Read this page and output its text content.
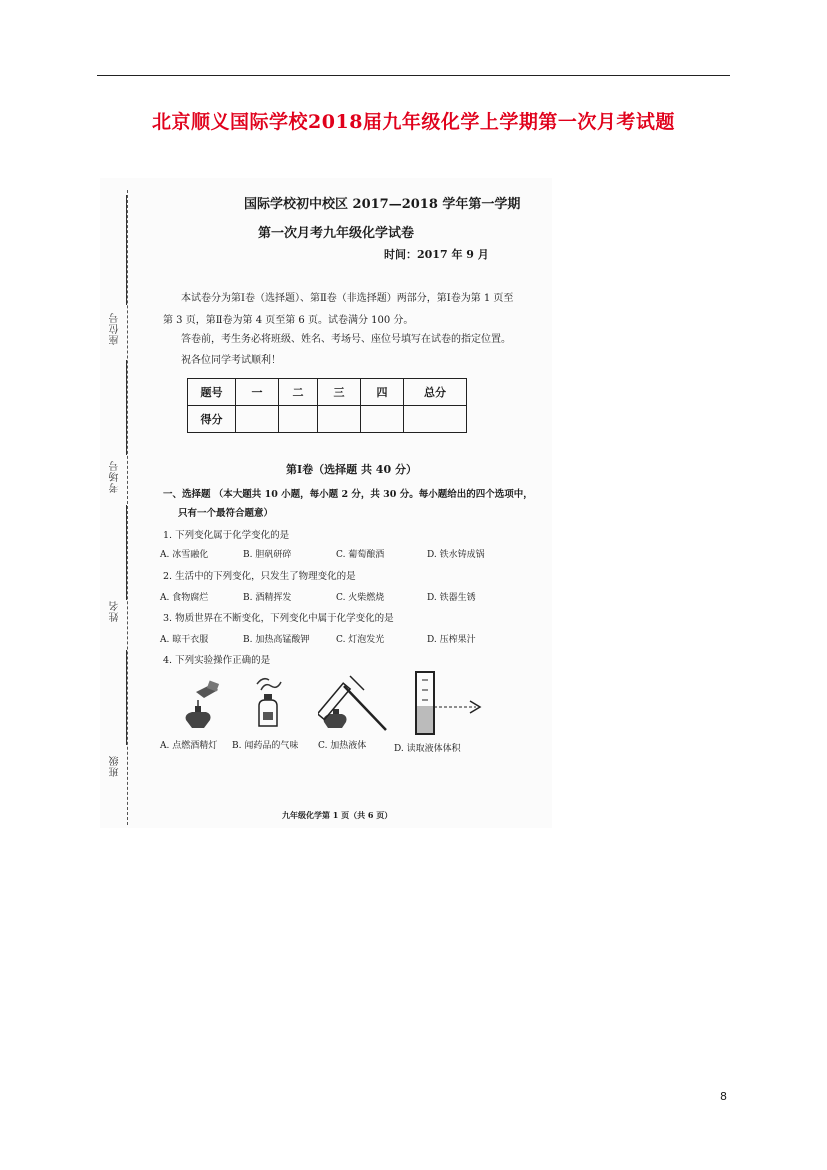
北京顺义国际学校2018届九年级化学上学期第一次月考试题
座位号
考场号
姓名
班级
国际学校初中校区 2017—2018 学年第一学期
第一次月考九年级化学试卷
时间：2017 年 9 月
本试卷分为第Ⅰ卷（选择题）、第Ⅱ卷（非选择题）两部分，第Ⅰ卷为第 1 页至
第 3 页，第Ⅱ卷为第 4 页至第 6 页。试卷满分 100 分。
答卷前，考生务必将班级、姓名、考场号、座位号填写在试卷的指定位置。
祝各位同学考试顺利！
题号	一	二	三	四	总分
得分					
第Ⅰ卷（选择题 共 40 分）
一、选择题 （本大题共 10 小题，每小题 2 分，共 30 分。每小题给出的四个选项中，
只有一个最符合题意）
1. 下列变化属于化学变化的是
A. 冰雪融化	B. 胆矾研碎	C. 葡萄酿酒	D. 铁水铸成锅
2. 生活中的下列变化，只发生了物理变化的是
A. 食物腐烂	B. 酒精挥发	C. 火柴燃烧	D. 铁器生锈
3. 物质世界在不断变化，下列变化中属于化学变化的是
A. 晾干衣服	B. 加热高锰酸钾	C. 灯泡发光	D. 压榨果汁
4. 下列实验操作正确的是
A. 点燃酒精灯 B. 闻药品的气味 C. 加热液体	D. 读取液体体积
九年级化学第 1 页（共 6 页）
8
